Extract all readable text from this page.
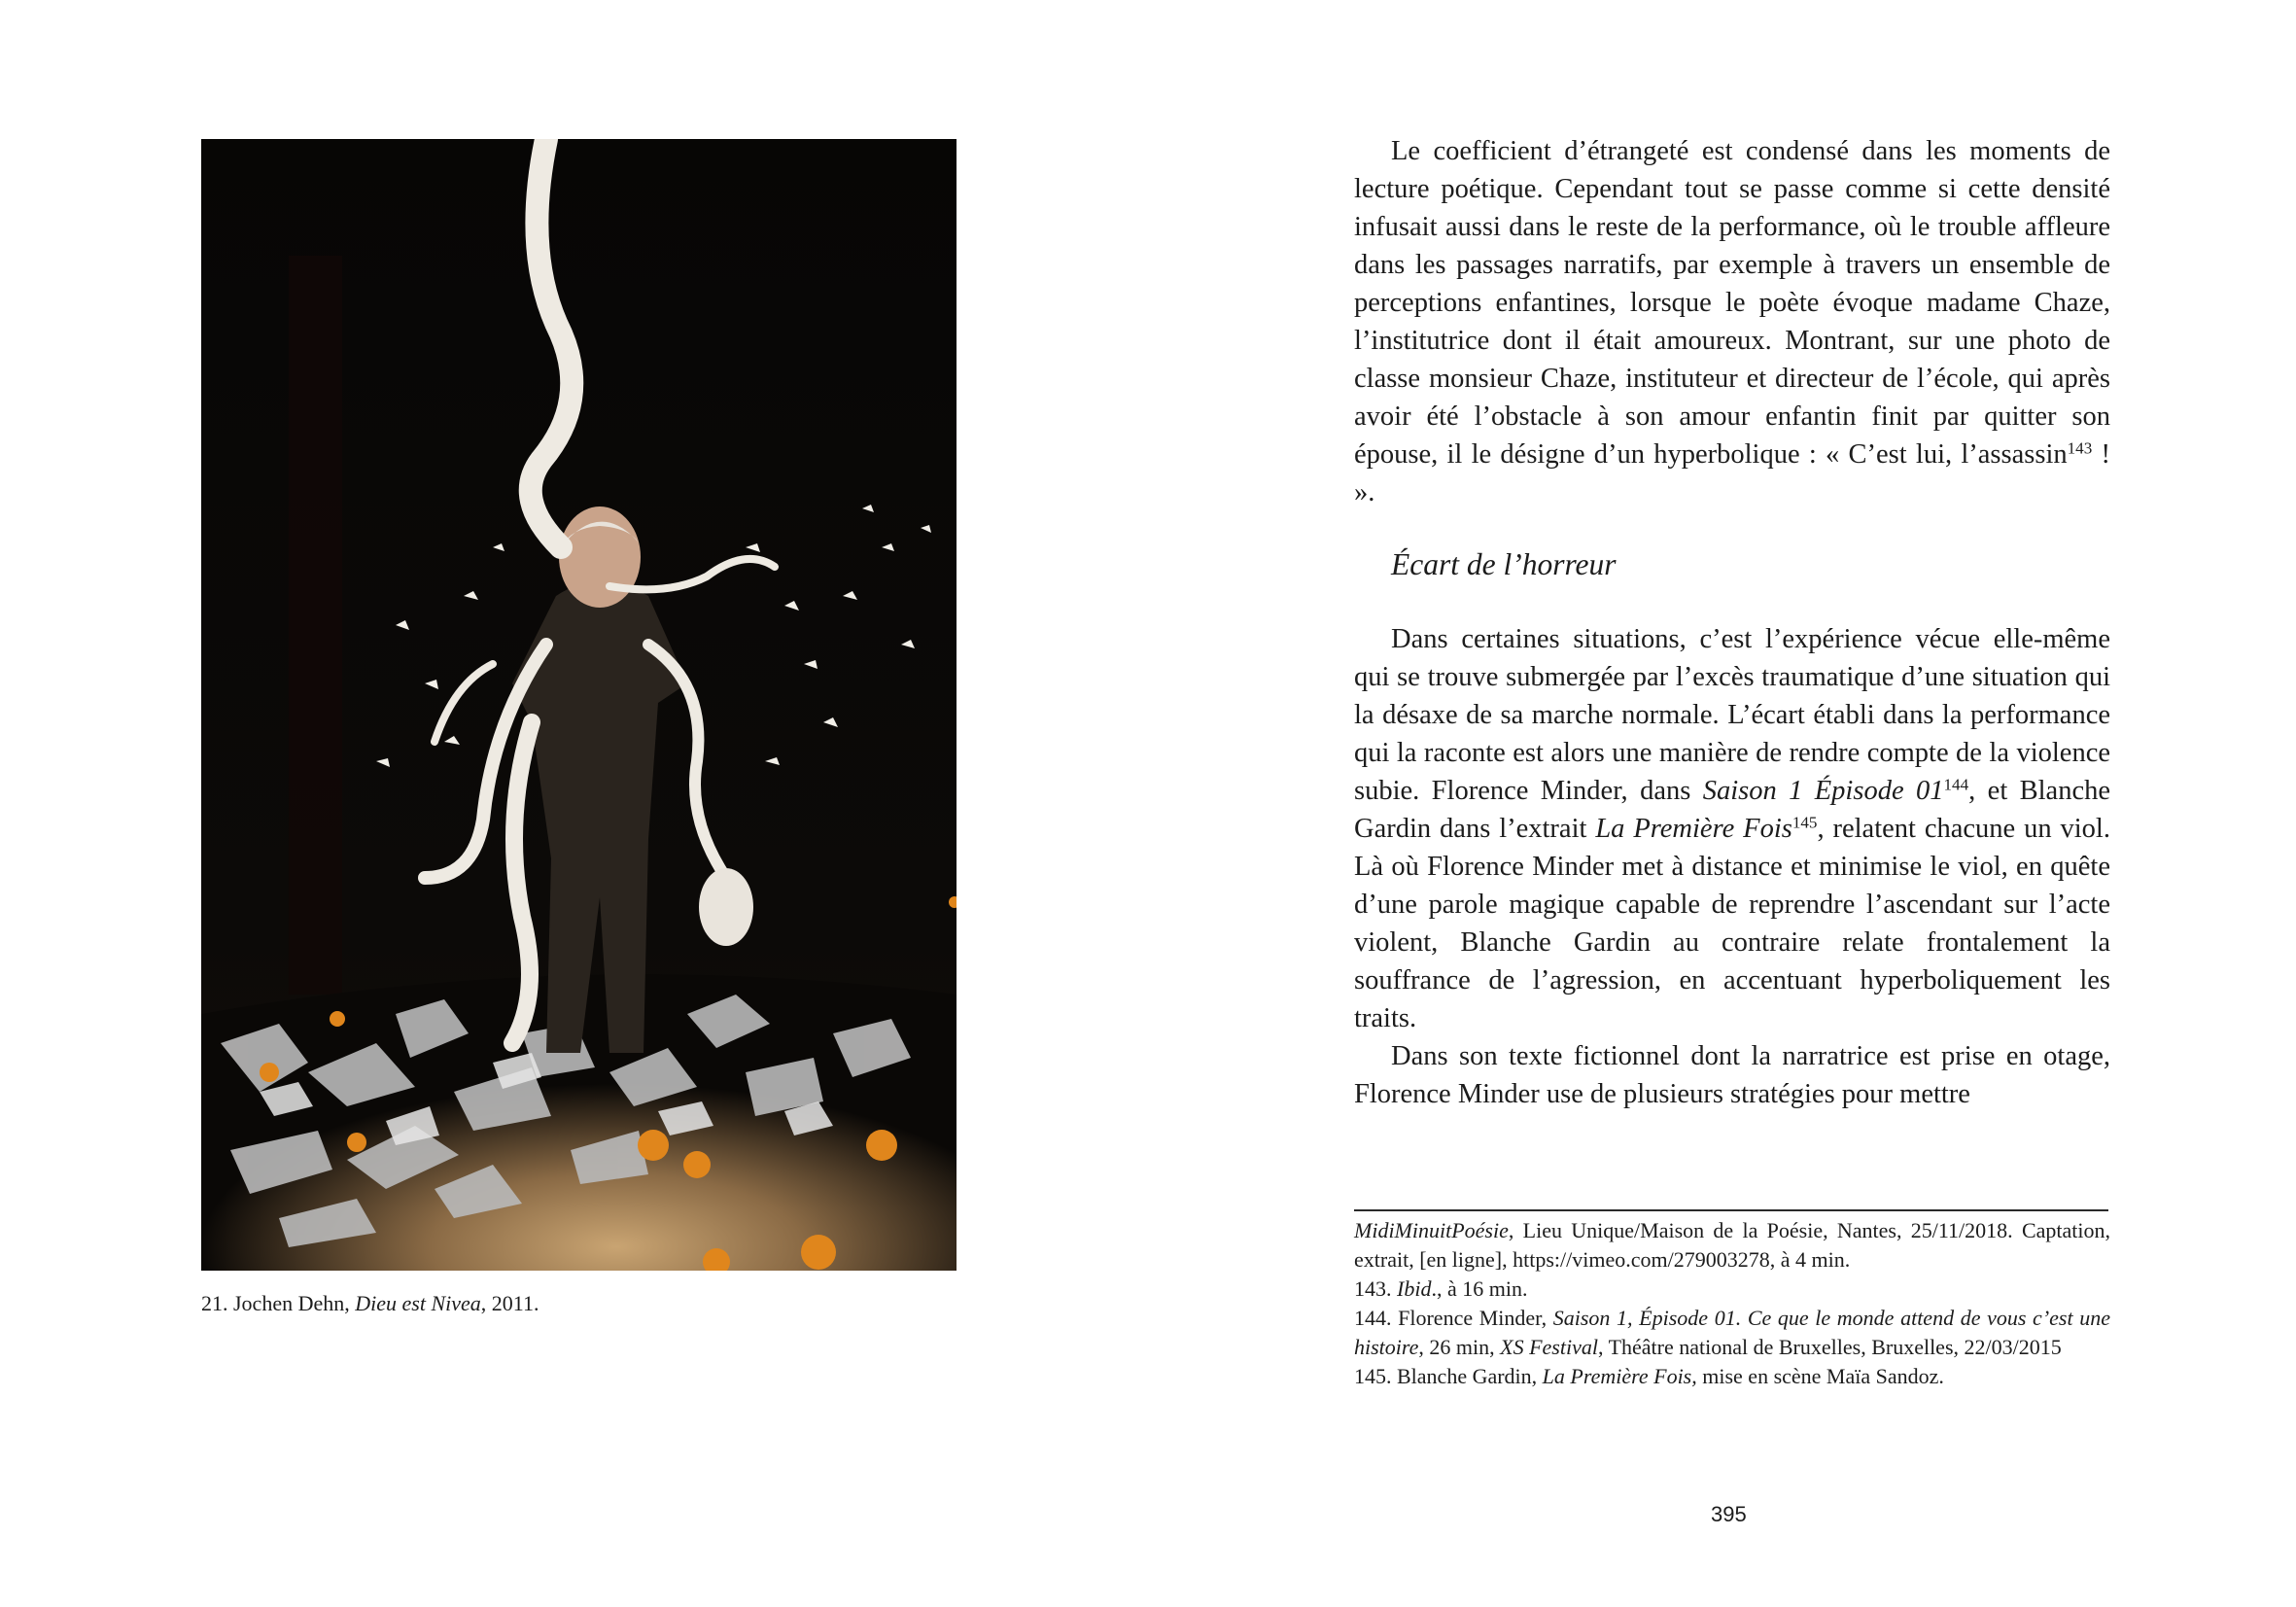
21. Jochen Dehn, Dieu est Nivea, 2011.

Le coefficient d’étrangeté est condensé dans les moments de lecture poétique. Cependant tout se passe comme si cette densité infusait aussi dans le reste de la performance, où le trouble affleure dans les passages narratifs, par exemple à travers un ensemble de perceptions enfantines, lorsque le poète évoque madame Chaze, l’institutrice dont il était amoureux. Montrant, sur une photo de classe monsieur Chaze, instituteur et directeur de l’école, qui après avoir été l’obstacle à son amour enfantin finit par quitter son épouse, il le désigne d’un hyperbolique : « C’est lui, l’assassin$^{143}$ ! ».

Écart de l’horreur

Dans certaines situations, c’est l’expérience vécue elle-même qui se trouve submergée par l’excès traumatique d’une situation qui la désaxe de sa marche normale. L’écart établi dans la performance qui la raconte est alors une manière de rendre compte de la violence subie. Florence Minder, dans Saison 1 Épisode $01^{144}$, et Blanche Gardin dans l’extrait La Première Fois$^{145}$, relatent chacune un viol. Là où Florence Minder met à distance et minimise le viol, en quête d’une parole magique capable de reprendre l’ascendant sur l’acte violent, Blanche Gardin au contraire relate frontalement la souffrance de l’agression, en accentuant hyperboliquement les traits.

Dans son texte fictionnel dont la narratrice est prise en otage, Florence Minder use de plusieurs stratégies pour mettre

MidiMinuitPoésie, Lieu Unique/Maison de la Poésie, Nantes, 25/11/2018. Captation, extrait, [en ligne], https://vimeo.com/279003278, à 4 min.

143. Ibid., à 16 min.

144. Florence Minder, Saison 1, Épisode 01. Ce que le monde attend de vous c’est une histoire, 26 min, XS Festival, Théâtre national de Bruxelles, Bruxelles, 22/03/2015

145. Blanche Gardin, La Première Fois, mise en scène Maïa Sandoz.

395
